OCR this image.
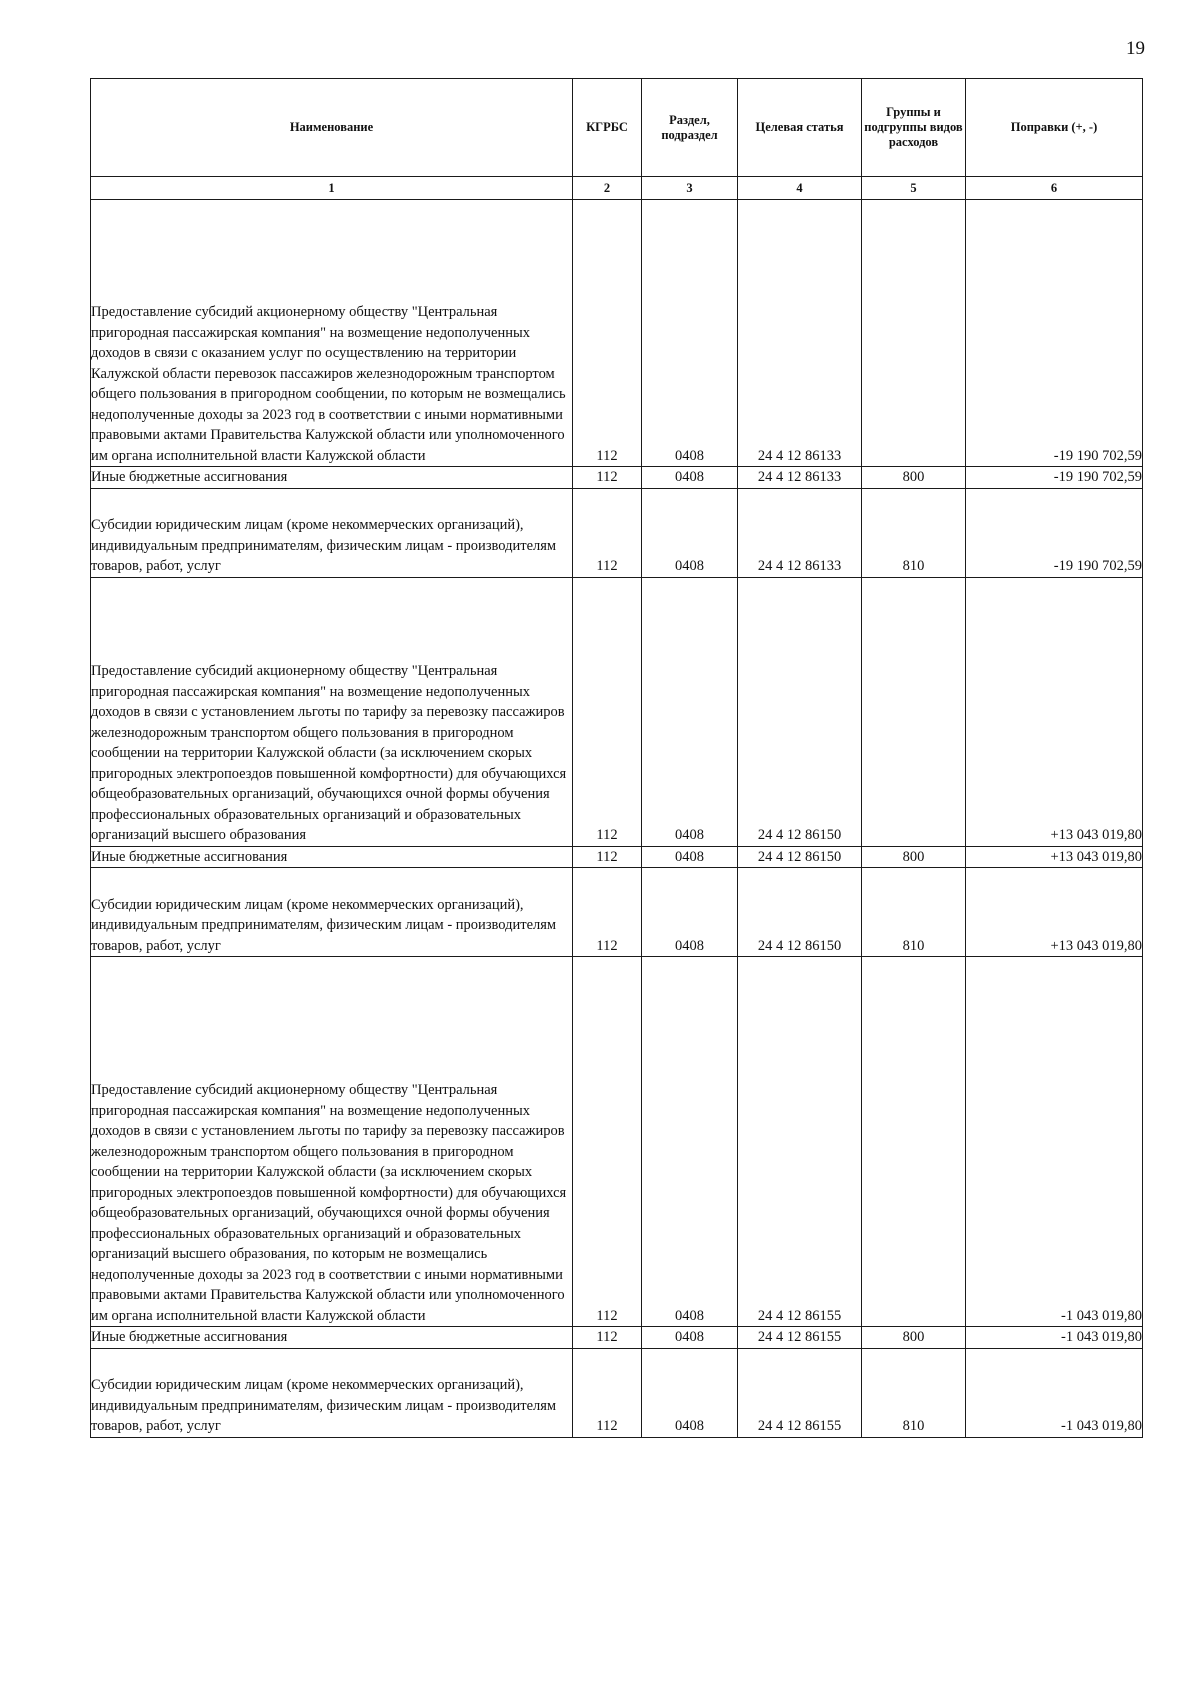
19
Наименование	КГРБС	Раздел, подраздел	Целевая статья	Группы и подгруппы видов расходов	Поправки (+, -)
1	2	3	4	5	6
Предоставление субсидий акционерному обществу "Центральная пригородная пассажирская компания" на возмещение недополученных доходов в связи с оказанием услуг по осуществлению на территории Калужской области перевозок пассажиров железнодорожным транспортом общего пользования в пригородном сообщении, по которым не возмещались недополученные доходы за 2023 год в соответствии с иными нормативными правовыми актами Правительства Калужской области или уполномоченного им органа исполнительной власти Калужской области	112	0408	24 4 12 86133		-19 190 702,59
Иные бюджетные ассигнования	112	0408	24 4 12 86133	800	-19 190 702,59
Субсидии юридическим лицам (кроме некоммерческих организаций), индивидуальным предпринимателям, физическим лицам - производителям товаров, работ, услуг	112	0408	24 4 12 86133	810	-19 190 702,59
Предоставление субсидий акционерному обществу "Центральная пригородная пассажирская компания" на возмещение недополученных доходов в связи с установлением льготы по тарифу за перевозку пассажиров железнодорожным транспортом общего пользования в пригородном сообщении на территории Калужской области (за исключением скорых пригородных электропоездов повышенной комфортности) для обучающихся общеобразовательных организаций, обучающихся очной формы обучения профессиональных образовательных организаций и образовательных организаций высшего образования	112	0408	24 4 12 86150		+13 043 019,80
Иные бюджетные ассигнования	112	0408	24 4 12 86150	800	+13 043 019,80
Субсидии юридическим лицам (кроме некоммерческих организаций), индивидуальным предпринимателям, физическим лицам - производителям товаров, работ, услуг	112	0408	24 4 12 86150	810	+13 043 019,80
Предоставление субсидий акционерному обществу "Центральная пригородная пассажирская компания" на возмещение недополученных доходов в связи с установлением льготы по тарифу за перевозку пассажиров железнодорожным транспортом общего пользования в пригородном сообщении на территории Калужской области (за исключением скорых пригородных электропоездов повышенной комфортности) для обучающихся общеобразовательных организаций, обучающихся очной формы обучения профессиональных образовательных организаций и образовательных организаций высшего образования, по которым не возмещались недополученные доходы за 2023 год в соответствии с иными нормативными правовыми актами Правительства Калужской области или уполномоченного им органа исполнительной власти Калужской области	112	0408	24 4 12 86155		-1 043 019,80
Иные бюджетные ассигнования	112	0408	24 4 12 86155	800	-1 043 019,80
Субсидии юридическим лицам (кроме некоммерческих организаций), индивидуальным предпринимателям, физическим лицам - производителям товаров, работ, услуг	112	0408	24 4 12 86155	810	-1 043 019,80
